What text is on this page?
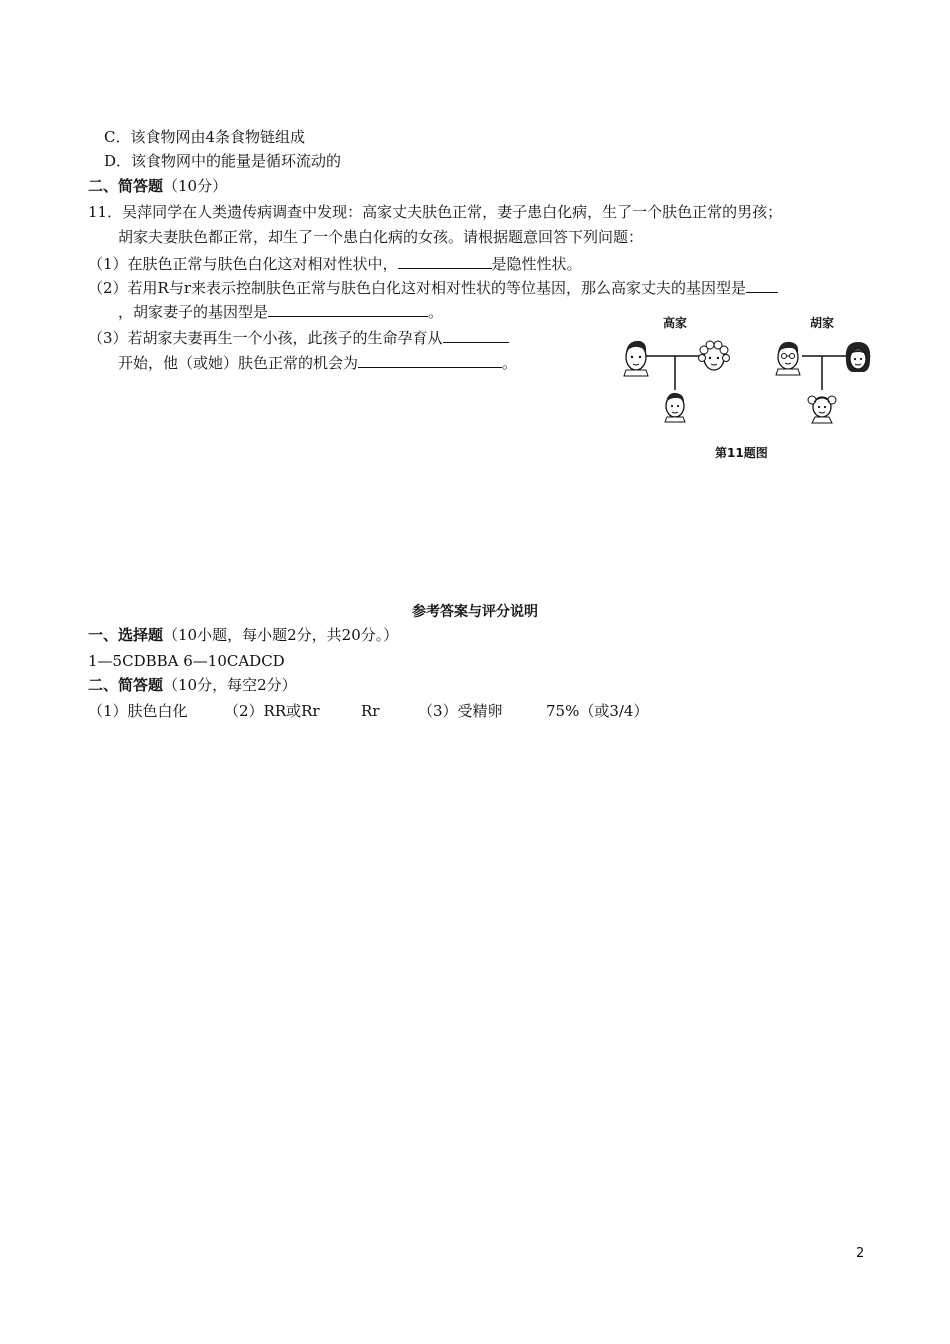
C．该食物网由4条食物链组成
D．该食物网中的能量是循环流动的
二、简答题（10分）
11．吴萍同学在人类遗传病调查中发现：高家丈夫肤色正常，妻子患白化病，生了一个肤色正常的男孩；
胡家夫妻肤色都正常，却生了一个患白化病的女孩。请根据题意回答下列问题：
（1）在肤色正常与肤色白化这对相对性状中，	是隐性性状。
（2）若用R与r来表示控制肤色正常与肤色白化这对相对性状的等位基因，那么高家丈夫的基因型是
，胡家妻子的基因型是	。
（3）若胡家夫妻再生一个小孩，此孩子的生命孕育从
开始，他（或她）肤色正常的机会为	。
高家	胡家
第11题图
参考答案与评分说明
一、选择题（10小题，每小题2分，共20分。）
1—5CDBBA 6—10CADCD
二、简答题（10分，每空2分）
（1）肤色白化 （2）RR或Rr	Rr	（3）受精卵	75%（或3/4）
2
